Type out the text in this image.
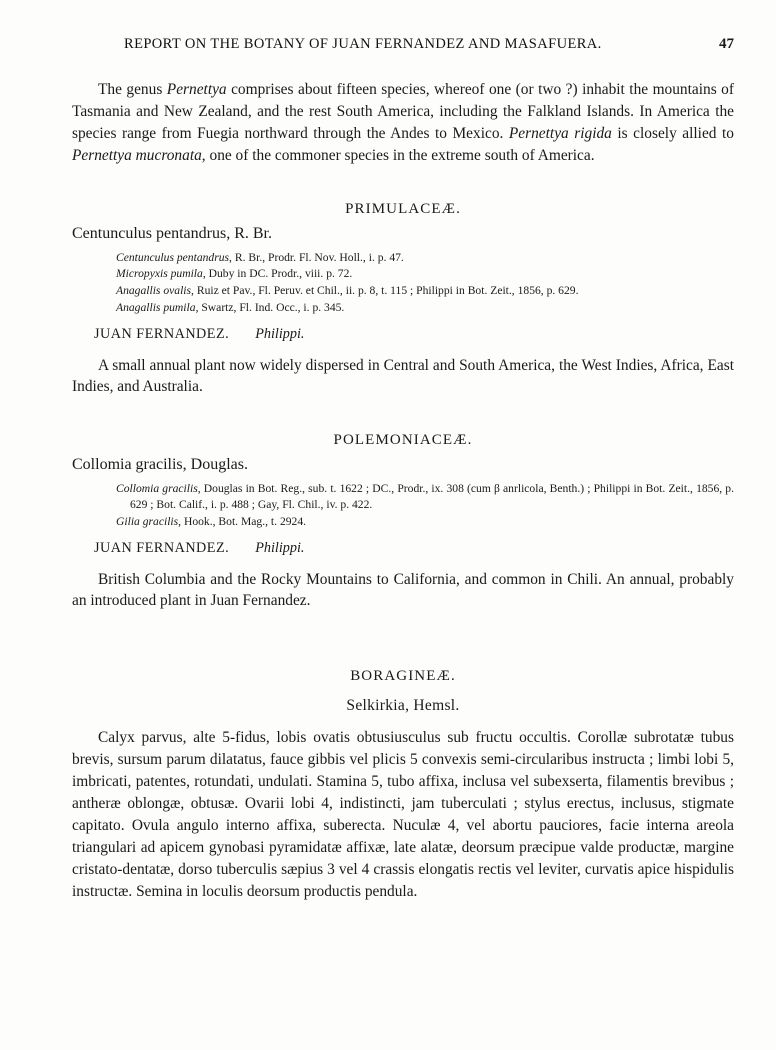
REPORT ON THE BOTANY OF JUAN FERNANDEZ AND MASAFUERA.	47

The genus Pernettya comprises about fifteen species, whereof one (or two ?) inhabit the mountains of Tasmania and New Zealand, and the rest South America, including the Falkland Islands. In America the species range from Fuegia northward through the Andes to Mexico. Pernettya rigida is closely allied to Pernettya mucronata, one of the commoner species in the extreme south of America.

PRIMULACEÆ.

Centunculus pentandrus, R. Br.

Centunculus pentandrus, R. Br., Prodr. Fl. Nov. Holl., i. p. 47.

Micropyxis pumila, Duby in DC. Prodr., viii. p. 72.

Anagallis ovalis, Ruiz et Pav., Fl. Peruv. et Chil., ii. p. 8, t. 115 ; Philippi in Bot. Zeit., 1856, p. 629.

Anagallis pumila, Swartz, Fl. Ind. Occ., i. p. 345.

JUAN FERNANDEZ. Philippi.

A small annual plant now widely dispersed in Central and South America, the West Indies, Africa, East Indies, and Australia.

POLEMONIACEÆ.

Collomia gracilis, Douglas.

Collomia gracilis, Douglas in Bot. Reg., sub. t. 1622 ; DC., Prodr., ix. 308 (cum β anrlicola, Benth.) ; Philippi in Bot. Zeit., 1856, p. 629 ; Bot. Calif., i. p. 488 ; Gay, Fl. Chil., iv. p. 422.

Gilia gracilis, Hook., Bot. Mag., t. 2924.

JUAN FERNANDEZ. Philippi.

British Columbia and the Rocky Mountains to California, and common in Chili. An annual, probably an introduced plant in Juan Fernandez.

BORAGINEÆ.

Selkirkia, Hemsl.

Calyx parvus, alte 5-fidus, lobis ovatis obtusiusculus sub fructu occultis. Corollæ subrotatæ tubus brevis, sursum parum dilatatus, fauce gibbis vel plicis 5 convexis semi-circularibus instructa ; limbi lobi 5, imbricati, patentes, rotundati, undulati. Stamina 5, tubo affixa, inclusa vel subexserta, filamentis brevibus ; antheræ oblongæ, obtusæ. Ovarii lobi 4, indistincti, jam tuberculati ; stylus erectus, inclusus, stigmate capitato. Ovula angulo interno affixa, suberecta. Nuculæ 4, vel abortu pauciores, facie interna areola triangulari ad apicem gynobasi pyramidatæ affixæ, late alatæ, deorsum præcipue valde productæ, margine cristato-dentatæ, dorso tuberculis sæpius 3 vel 4 crassis elongatis rectis vel leviter, curvatis apice hispidulis instructæ. Semina in loculis deorsum productis pendula.
